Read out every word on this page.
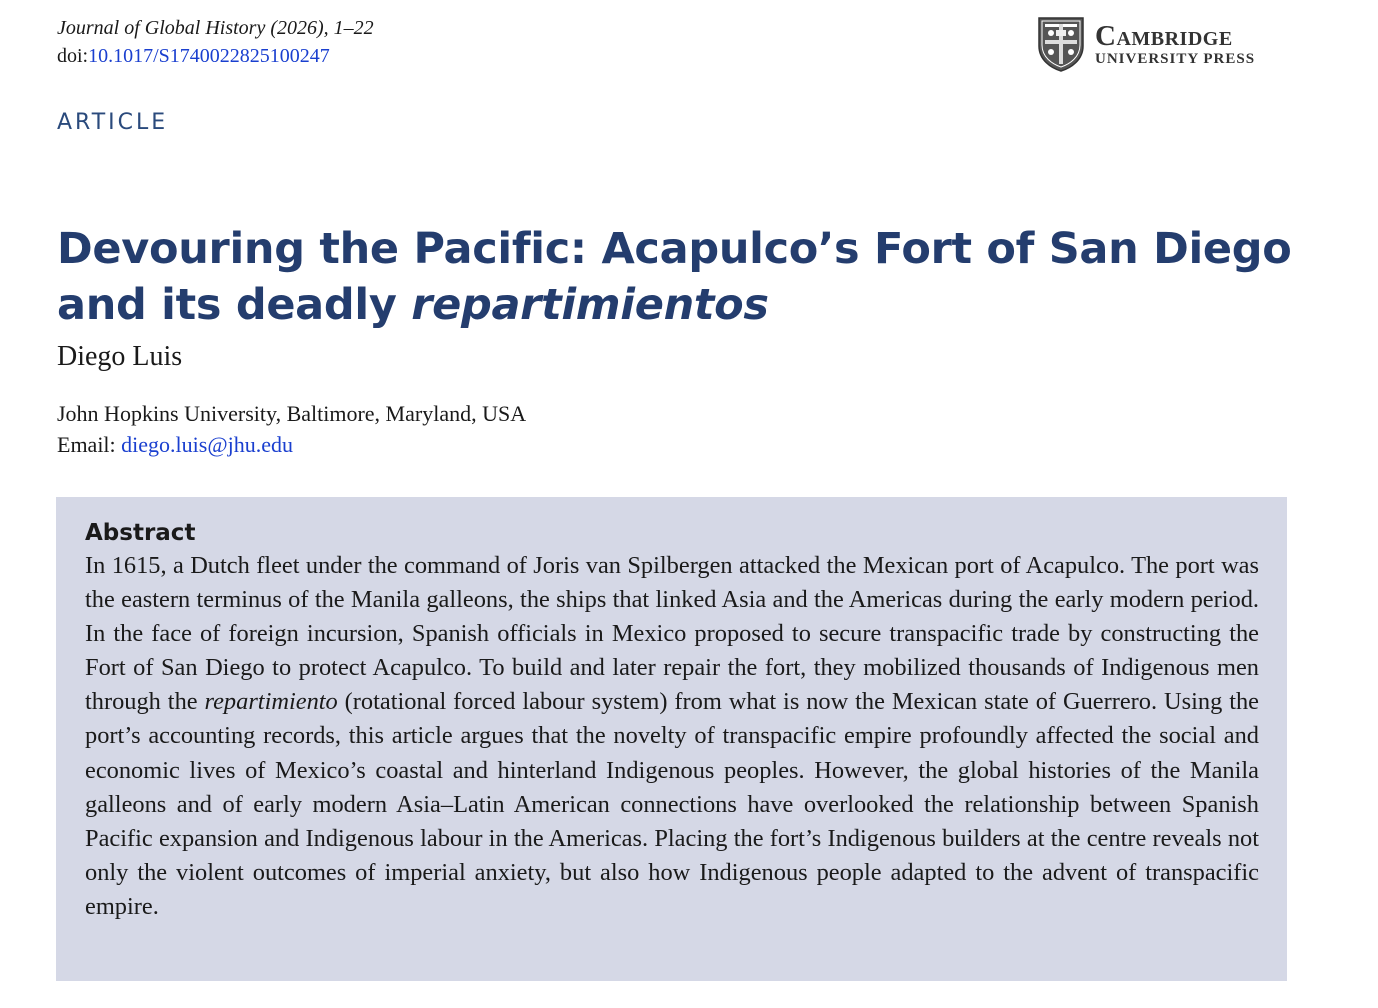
Journal of Global History (2026), 1–22
doi:10.1017/S1740022825100247
Cambridge
UNIVERSITY PRESS
ARTICLE
Devouring the Pacific: Acapulco’s Fort of San Diego and its deadly repartimientos
Diego Luis
John Hopkins University, Baltimore, Maryland, USA
Email: diego.luis@jhu.edu
Abstract

In 1615, a Dutch fleet under the command of Joris van Spilbergen attacked the Mexican port of Acapulco. The port was the eastern terminus of the Manila galleons, the ships that linked Asia and the Americas during the early modern period. In the face of foreign incursion, Spanish officials in Mexico proposed to secure transpacific trade by constructing the Fort of San Diego to protect Acapulco. To build and later repair the fort, they mobilized thousands of Indigenous men through the repartimiento (rotational forced labour system) from what is now the Mexican state of Guerrero. Using the port’s accounting records, this article argues that the novelty of transpacific empire profoundly affected the social and economic lives of Mexico’s coastal and hinterland Indigenous peoples. However, the global histories of the Manila galleons and of early modern Asia–Latin American connections have overlooked the relationship between Spanish Pacific expansion and Indigenous labour in the Americas. Placing the fort’s Indigenous builders at the centre reveals not only the violent outcomes of imperial anxiety, but also how Indigenous people adapted to the advent of transpacific empire.
